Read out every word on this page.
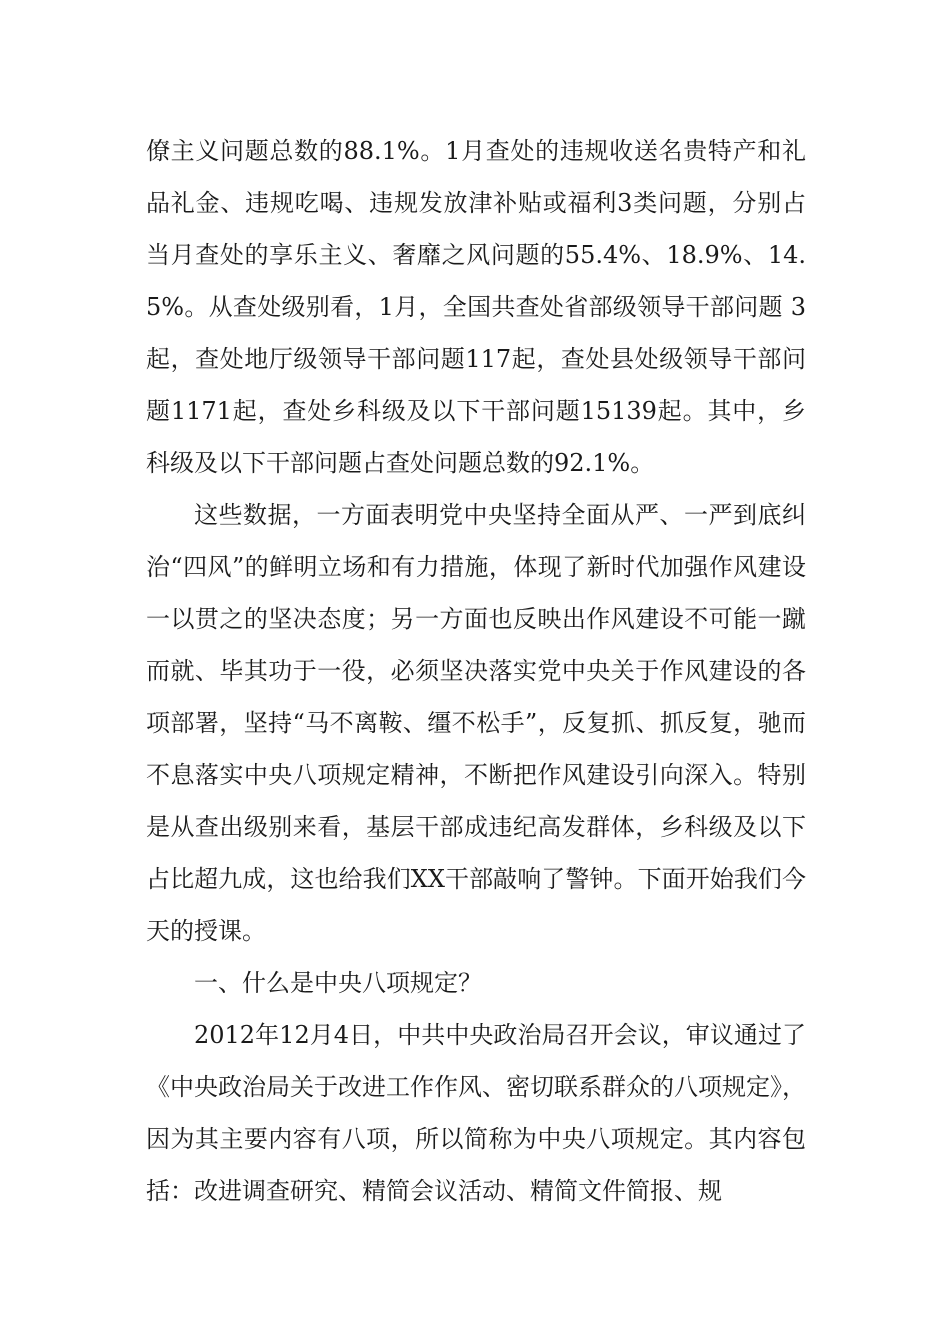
僚主义问题总数的88.1%。1月查处的违规收送名贵特产和礼品礼金、违规吃喝、违规发放津补贴或福利3类问题，分别占当月查处的享乐主义、奢靡之风问题的55.4%、18.9%、14.5%。从查处级别看，1月，全国共查处省部级领导干部问题 3起，查处地厅级领导干部问题117起，查处县处级领导干部问题1171起，查处乡科级及以下干部问题15139起。其中，乡科级及以下干部问题占查处问题总数的92.1%。

这些数据，一方面表明党中央坚持全面从严、一严到底纠治“四风”的鲜明立场和有力措施，体现了新时代加强作风建设一以贯之的坚决态度；另一方面也反映出作风建设不可能一蹴而就、毕其功于一役，必须坚决落实党中央关于作风建设的各项部署，坚持“马不离鞍、缰不松手”，反复抓、抓反复，驰而不息落实中央八项规定精神，不断把作风建设引向深入。特别是从查出级别来看，基层干部成违纪高发群体，乡科级及以下占比超九成，这也给我们XX干部敲响了警钟。下面开始我们今天的授课。

一、什么是中央八项规定？

2012年12月4日，中共中央政治局召开会议，审议通过了《中央政治局关于改进工作作风、密切联系群众的八项规定》，因为其主要内容有八项，所以简称为中央八项规定。其内容包括：改进调查研究、精简会议活动、精简文件简报、规
